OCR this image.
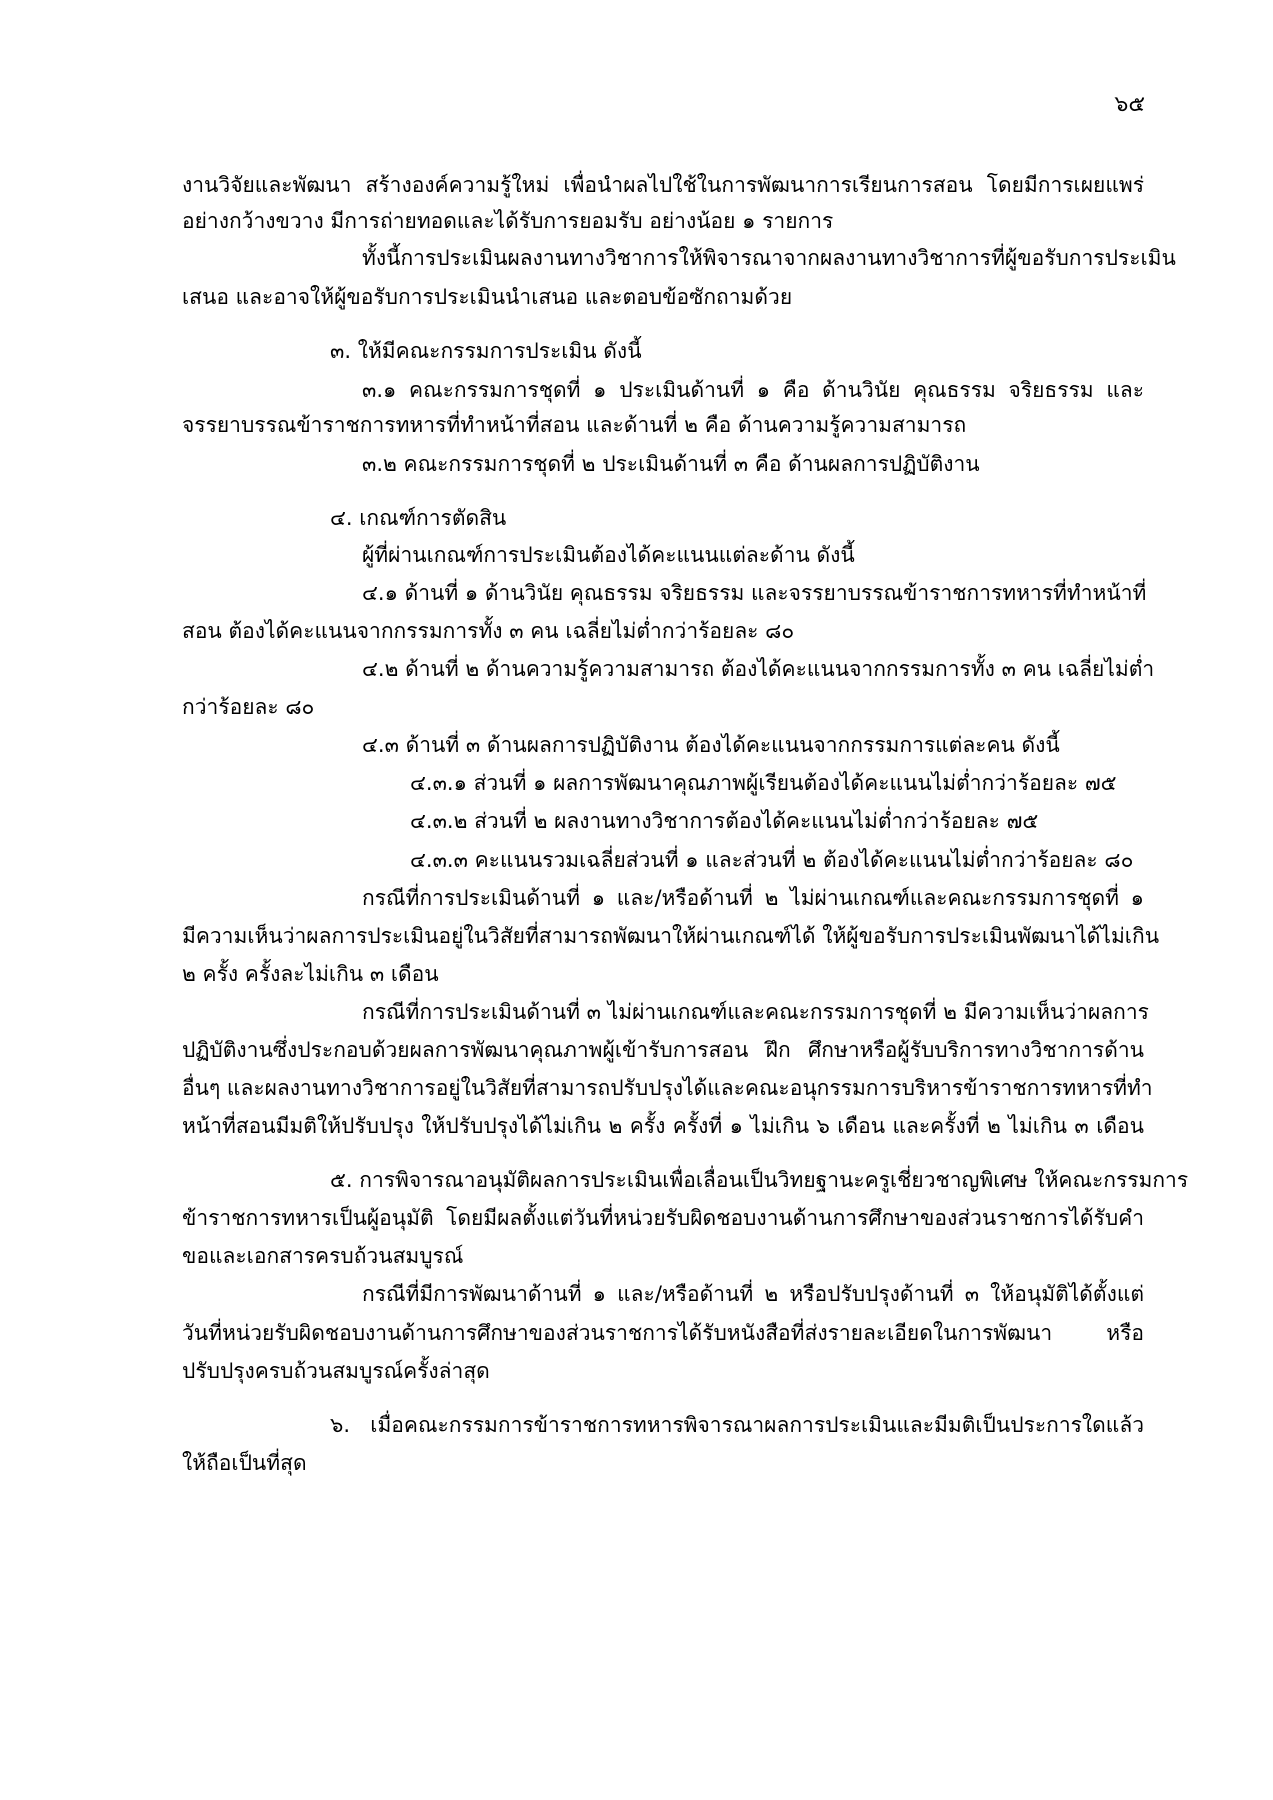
๖๕
งานวิจัยและพัฒนา สร้างองค์ความรู้ใหม่ เพื่อนำผลไปใช้ในการพัฒนาการเรียนการสอน โดยมีการเผยแพร่
อย่างกว้างขวาง มีการถ่ายทอดและได้รับการยอมรับ อย่างน้อย ๑ รายการ
ทั้งนี้การประเมินผลงานทางวิชาการให้พิจารณาจากผลงานทางวิชาการที่ผู้ขอรับการประเมิน
เสนอ และอาจให้ผู้ขอรับการประเมินนำเสนอ และตอบข้อซักถามด้วย
๓. ให้มีคณะกรรมการประเมิน ดังนี้
๓.๑ คณะกรรมการชุดที่ ๑ ประเมินด้านที่ ๑ คือ ด้านวินัย คุณธรรม จริยธรรม และ
จรรยาบรรณข้าราชการทหารที่ทำหน้าที่สอน และด้านที่ ๒ คือ ด้านความรู้ความสามารถ
๓.๒ คณะกรรมการชุดที่ ๒ ประเมินด้านที่ ๓ คือ ด้านผลการปฏิบัติงาน
๔. เกณฑ์การตัดสิน
ผู้ที่ผ่านเกณฑ์การประเมินต้องได้คะแนนแต่ละด้าน ดังนี้
๔.๑ ด้านที่ ๑ ด้านวินัย คุณธรรม จริยธรรม และจรรยาบรรณข้าราชการทหารที่ทำหน้าที่
สอน ต้องได้คะแนนจากกรรมการทั้ง ๓ คน เฉลี่ยไม่ต่ำกว่าร้อยละ ๘๐
๔.๒ ด้านที่ ๒ ด้านความรู้ความสามารถ ต้องได้คะแนนจากกรรมการทั้ง ๓ คน เฉลี่ยไม่ต่ำ
กว่าร้อยละ ๘๐
๔.๓ ด้านที่ ๓ ด้านผลการปฏิบัติงาน ต้องได้คะแนนจากกรรมการแต่ละคน ดังนี้
๔.๓.๑ ส่วนที่ ๑ ผลการพัฒนาคุณภาพผู้เรียนต้องได้คะแนนไม่ต่ำกว่าร้อยละ ๗๕
๔.๓.๒ ส่วนที่ ๒ ผลงานทางวิชาการต้องได้คะแนนไม่ต่ำกว่าร้อยละ ๗๕
๔.๓.๓ คะแนนรวมเฉลี่ยส่วนที่ ๑ และส่วนที่ ๒ ต้องได้คะแนนไม่ต่ำกว่าร้อยละ ๘๐
กรณีที่การประเมินด้านที่ ๑ และ/หรือด้านที่ ๒ ไม่ผ่านเกณฑ์และคณะกรรมการชุดที่ ๑
มีความเห็นว่าผลการประเมินอยู่ในวิสัยที่สามารถพัฒนาให้ผ่านเกณฑ์ได้ ให้ผู้ขอรับการประเมินพัฒนาได้ไม่เกิน
๒ ครั้ง ครั้งละไม่เกิน ๓ เดือน
กรณีที่การประเมินด้านที่ ๓ ไม่ผ่านเกณฑ์และคณะกรรมการชุดที่ ๒ มีความเห็นว่าผลการ
ปฏิบัติงานซึ่งประกอบด้วยผลการพัฒนาคุณภาพผู้เข้ารับการสอน ฝึก ศึกษาหรือผู้รับบริการทางวิชาการด้าน
อื่นๆ และผลงานทางวิชาการอยู่ในวิสัยที่สามารถปรับปรุงได้และคณะอนุกรรมการบริหารข้าราชการทหารที่ทำ
หน้าที่สอนมีมติให้ปรับปรุง ให้ปรับปรุงได้ไม่เกิน ๒ ครั้ง ครั้งที่ ๑ ไม่เกิน ๖ เดือน และครั้งที่ ๒ ไม่เกิน ๓ เดือน
๕. การพิจารณาอนุมัติผลการประเมินเพื่อเลื่อนเป็นวิทยฐานะครูเชี่ยวชาญพิเศษ ให้คณะกรรมการ
ข้าราชการทหารเป็นผู้อนุมัติ โดยมีผลตั้งแต่วันที่หน่วยรับผิดชอบงานด้านการศึกษาของส่วนราชการได้รับคำ
ขอและเอกสารครบถ้วนสมบูรณ์
กรณีที่มีการพัฒนาด้านที่ ๑ และ/หรือด้านที่ ๒ หรือปรับปรุงด้านที่ ๓ ให้อนุมัติได้ตั้งแต่
วันที่หน่วยรับผิดชอบงานด้านการศึกษาของส่วนราชการได้รับหนังสือที่ส่งรายละเอียดในการพัฒนา หรือ
ปรับปรุงครบถ้วนสมบูรณ์ครั้งล่าสุด
๖. เมื่อคณะกรรมการข้าราชการทหารพิจารณาผลการประเมินและมีมติเป็นประการใดแล้ว
ให้ถือเป็นที่สุด
